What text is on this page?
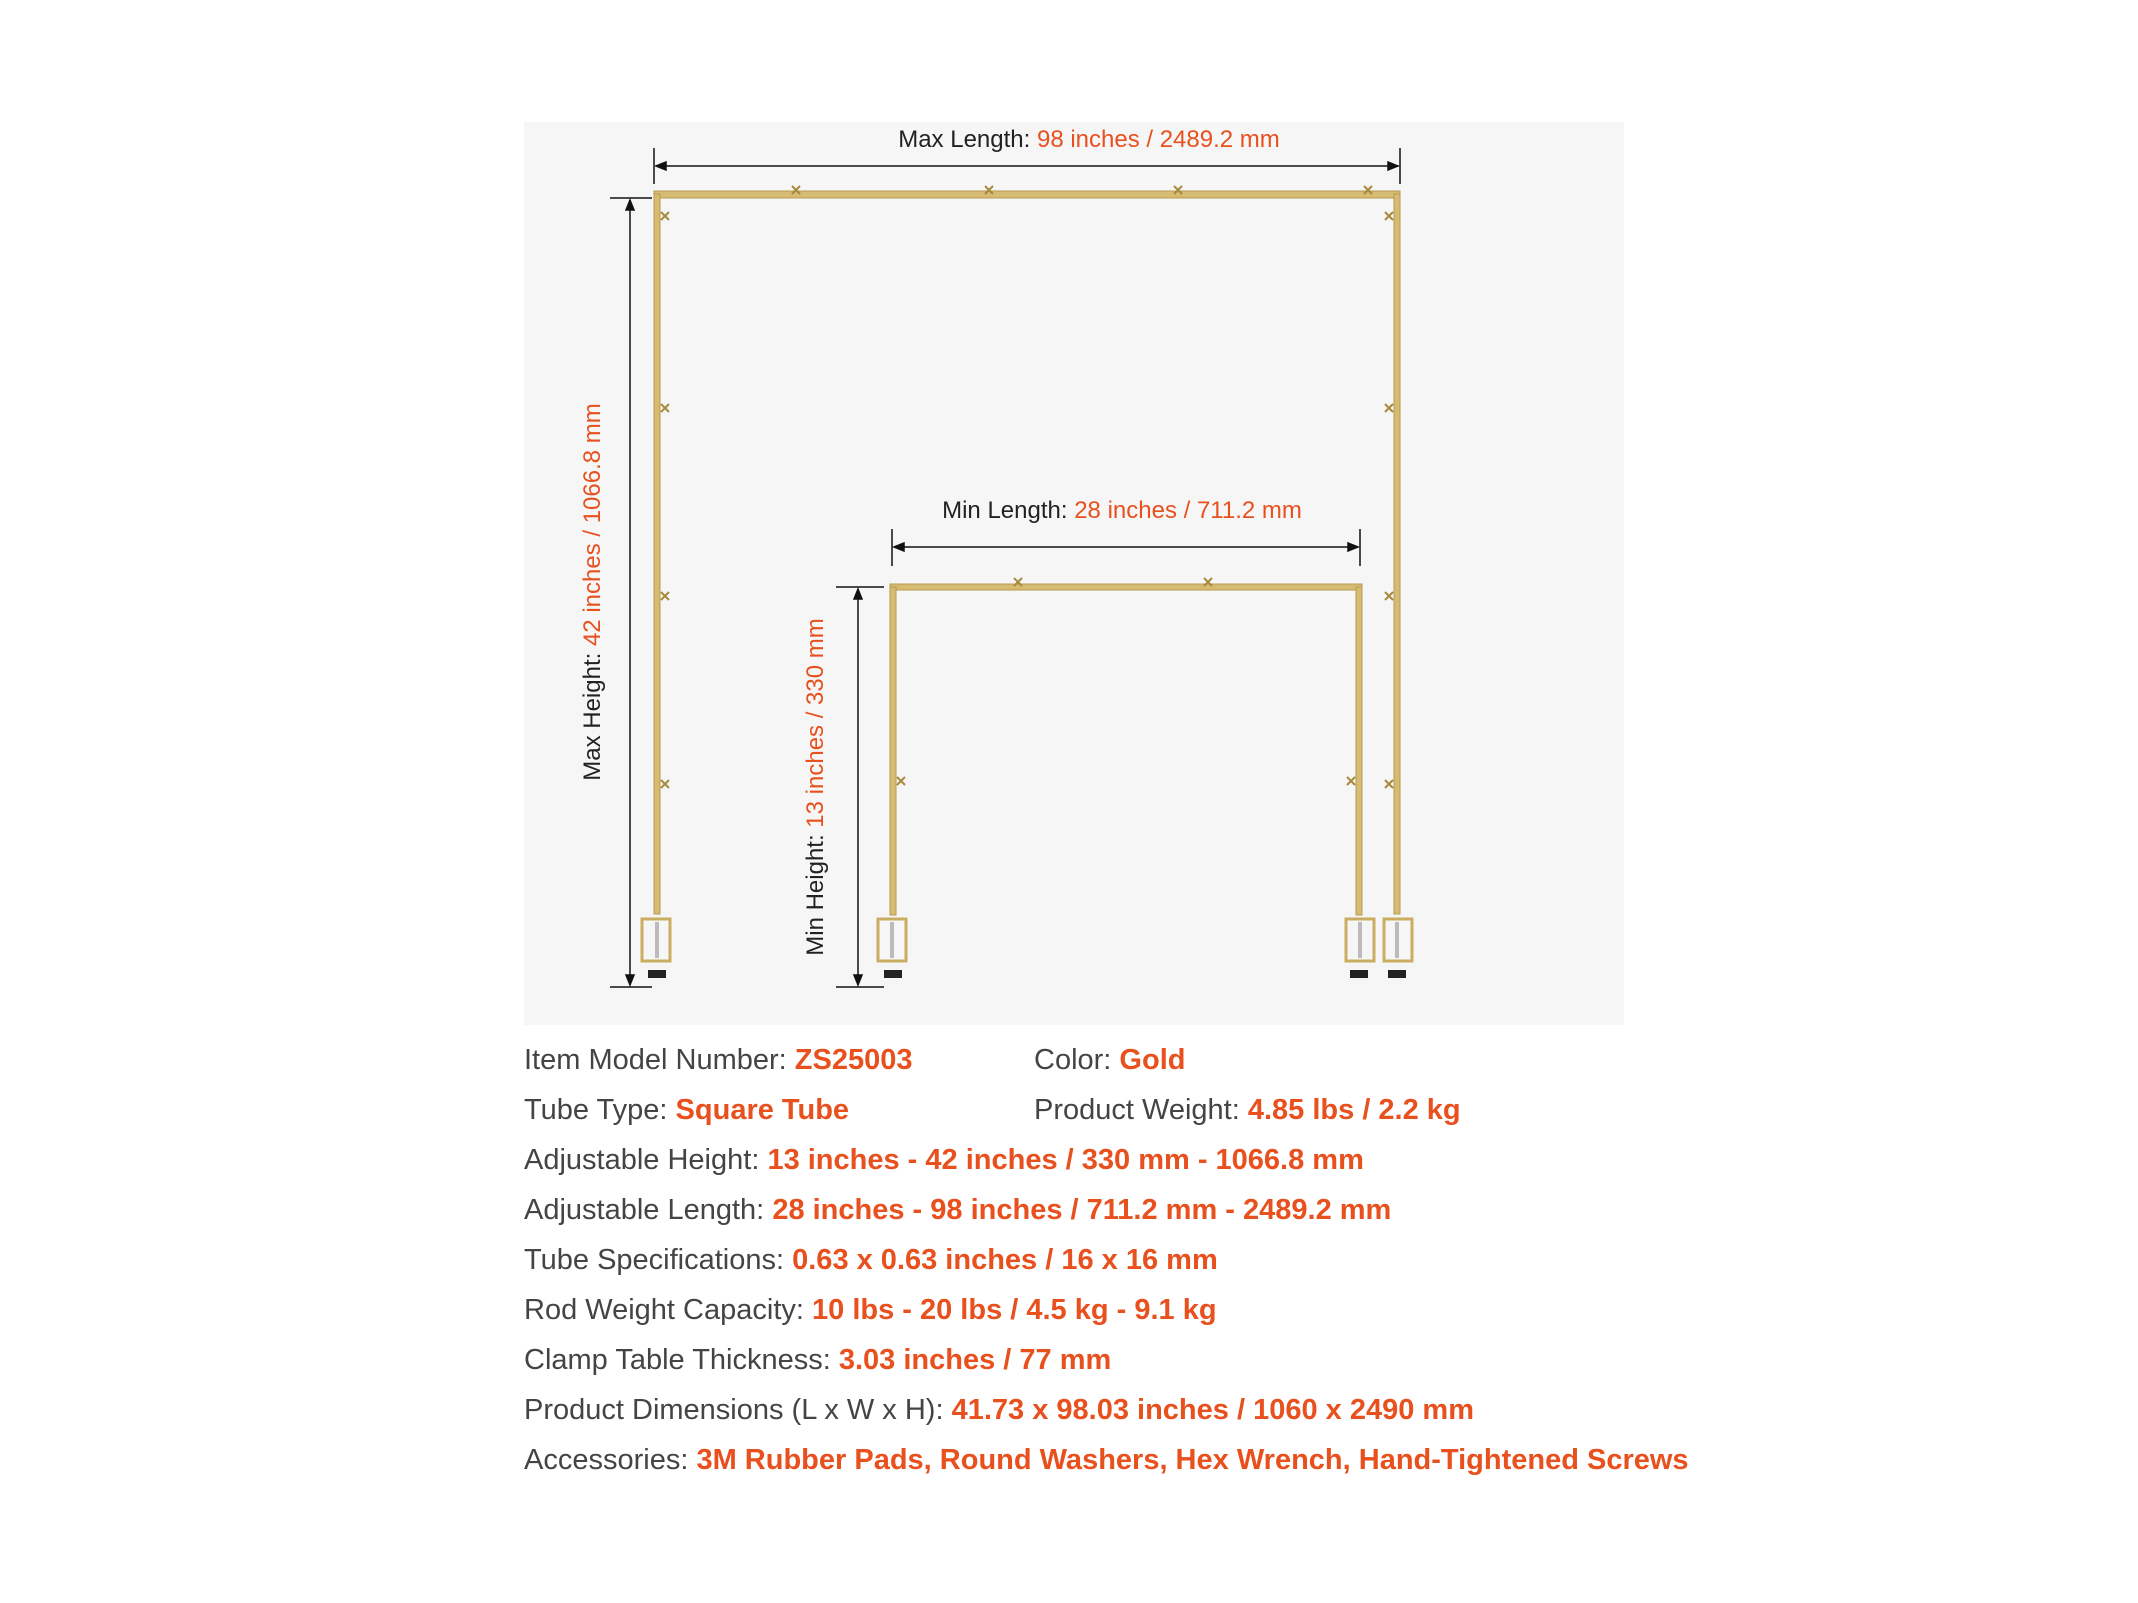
Max Length: 98 inches / 2489.2 mm
Min Length: 28 inches / 711.2 mm
Max Height: 42 inches / 1066.8 mm
Min Height: 13 inches / 330 mm
Item Model Number: ZS25003	Color: Gold
Tube Type: Square Tube	Product Weight: 4.85 lbs / 2.2 kg
Adjustable Height: 13 inches - 42 inches / 330 mm - 1066.8 mm
Adjustable Length: 28 inches - 98 inches / 711.2 mm - 2489.2 mm
Tube Specifications: 0.63 x 0.63 inches / 16 x 16 mm
Rod Weight Capacity: 10 lbs - 20 lbs / 4.5 kg - 9.1 kg
Clamp Table Thickness: 3.03 inches / 77 mm
Product Dimensions (L x W x H): 41.73 x 98.03 inches / 1060 x 2490 mm
Accessories: 3M Rubber Pads, Round Washers, Hex Wrench, Hand-Tightened Screws
